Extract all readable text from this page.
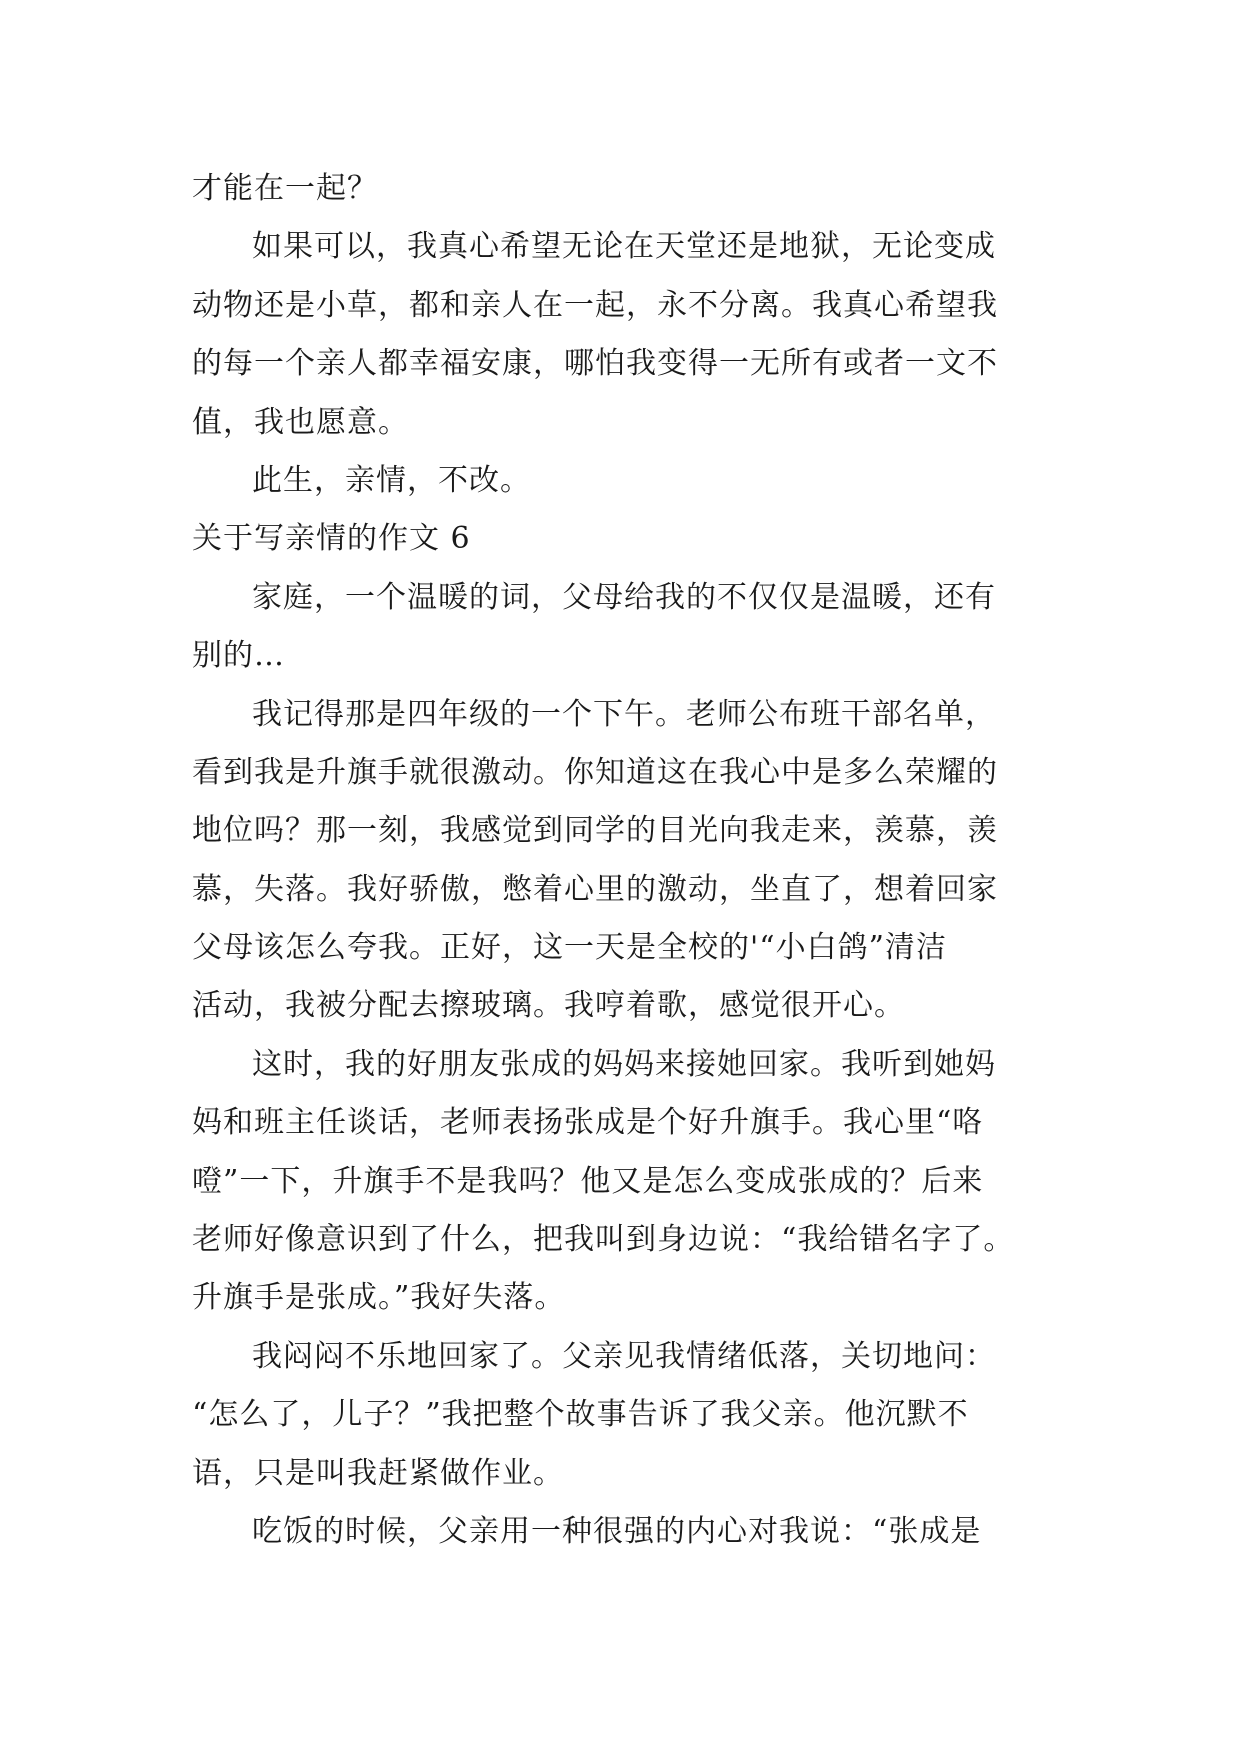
才能在一起？
如果可以，我真心希望无论在天堂还是地狱，无论变成
动物还是小草，都和亲人在一起，永不分离。我真心希望我
的每一个亲人都幸福安康，哪怕我变得一无所有或者一文不
值，我也愿意。
此生，亲情，不改。
关于写亲情的作文 6
家庭，一个温暖的词，父母给我的不仅仅是温暖，还有
别的…
我记得那是四年级的一个下午。老师公布班干部名单，
看到我是升旗手就很激动。你知道这在我心中是多么荣耀的
地位吗？那一刻，我感觉到同学的目光向我走来，羡慕，羡
慕，失落。我好骄傲，憋着心里的激动，坐直了，想着回家
父母该怎么夸我。正好，这一天是全校的'“小白鸽”清洁
活动，我被分配去擦玻璃。我哼着歌，感觉很开心。
这时，我的好朋友张成的妈妈来接她回家。我听到她妈
妈和班主任谈话，老师表扬张成是个好升旗手。我心里“咯
噔”一下，升旗手不是我吗？他又是怎么变成张成的？后来
老师好像意识到了什么，把我叫到身边说：“我给错名字了。
升旗手是张成。”我好失落。
我闷闷不乐地回家了。父亲见我情绪低落，关切地问：
“怎么了，儿子？”我把整个故事告诉了我父亲。他沉默不
语，只是叫我赶紧做作业。
吃饭的时候，父亲用一种很强的内心对我说：“张成是
